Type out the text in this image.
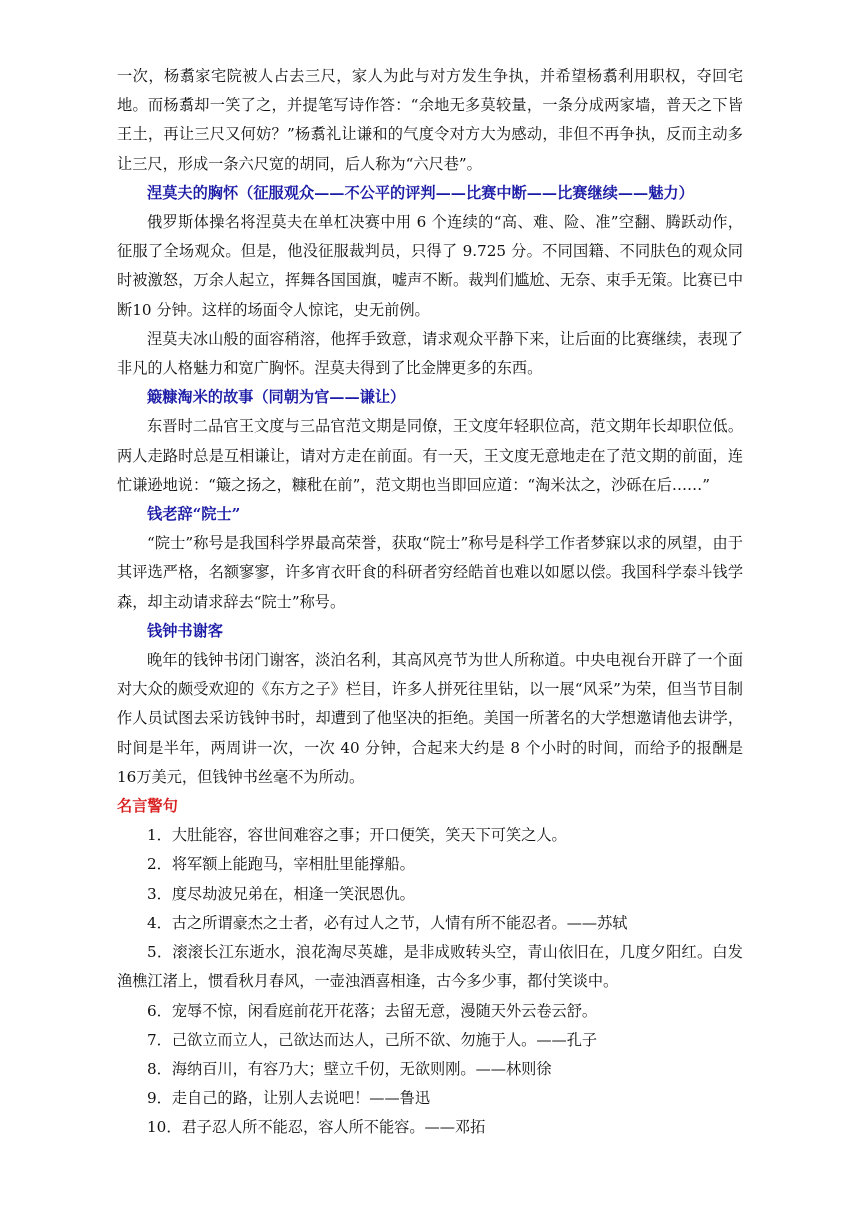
一次，杨翥家宅院被人占去三尺，家人为此与对方发生争执，并希望杨翥利用职权，夺回宅地。而杨翥却一笑了之，并提笔写诗作答：“余地无多莫较量，一条分成两家墙，普天之下皆王土，再让三尺又何妨？”杨翥礼让谦和的气度令对方大为感动，非但不再争执，反而主动多让三尺，形成一条六尺宽的胡同，后人称为“六尺巷”。

涅莫夫的胸怀（征服观众——不公平的评判——比赛中断——比赛继续——魅力）

俄罗斯体操名将涅莫夫在单杠决赛中用 6 个连续的“高、难、险、准”空翻、腾跃动作，征服了全场观众。但是，他没征服裁判员，只得了 9.725 分。不同国籍、不同肤色的观众同时被激怒，万余人起立，挥舞各国国旗，嘘声不断。裁判们尴尬、无奈、束手无策。比赛已中断10 分钟。这样的场面令人惊诧，史无前例。

涅莫夫冰山般的面容稍溶，他挥手致意，请求观众平静下来，让后面的比赛继续，表现了非凡的人格魅力和宽广胸怀。涅莫夫得到了比金牌更多的东西。

簸糠淘米的故事（同朝为官——谦让）

东晋时二品官王文度与三品官范文期是同僚，王文度年轻职位高，范文期年长却职位低。两人走路时总是互相谦让，请对方走在前面。有一天，王文度无意地走在了范文期的前面，连忙谦逊地说：“簸之扬之，糠秕在前”，范文期也当即回应道：“淘米汰之，沙砾在后……”

钱老辞“院士”

“院士”称号是我国科学界最高荣誉，获取“院士”称号是科学工作者梦寐以求的夙望，由于其评选严格，名额寥寥，许多宵衣旰食的科研者穷经皓首也难以如愿以偿。我国科学泰斗钱学森，却主动请求辞去“院士”称号。

钱钟书谢客

晚年的钱钟书闭门谢客，淡泊名利，其高风亮节为世人所称道。中央电视台开辟了一个面对大众的颇受欢迎的《东方之子》栏目，许多人拼死往里钻，以一展“风采”为荣，但当节目制作人员试图去采访钱钟书时，却遭到了他坚决的拒绝。美国一所著名的大学想邀请他去讲学，时间是半年，两周讲一次，一次 40 分钟，合起来大约是 8 个小时的时间，而给予的报酬是 16万美元，但钱钟书丝毫不为所动。

名言警句

1．大肚能容，容世间难容之事；开口便笑，笑天下可笑之人。

2．将军额上能跑马，宰相肚里能撑船。

3．度尽劫波兄弟在，相逢一笑泯恩仇。

4．古之所谓豪杰之士者，必有过人之节，人情有所不能忍者。——苏轼

5．滚滚长江东逝水，浪花淘尽英雄，是非成败转头空，青山依旧在，几度夕阳红。白发渔樵江渚上，惯看秋月春风，一壶浊酒喜相逢，古今多少事，都付笑谈中。

6．宠辱不惊，闲看庭前花开花落；去留无意，漫随天外云卷云舒。

7．己欲立而立人，己欲达而达人，己所不欲、勿施于人。——孔子

8．海纳百川，有容乃大；壁立千仞，无欲则刚。——林则徐

9．走自己的路，让别人去说吧！——鲁迅

10．君子忍人所不能忍，容人所不能容。——邓拓
